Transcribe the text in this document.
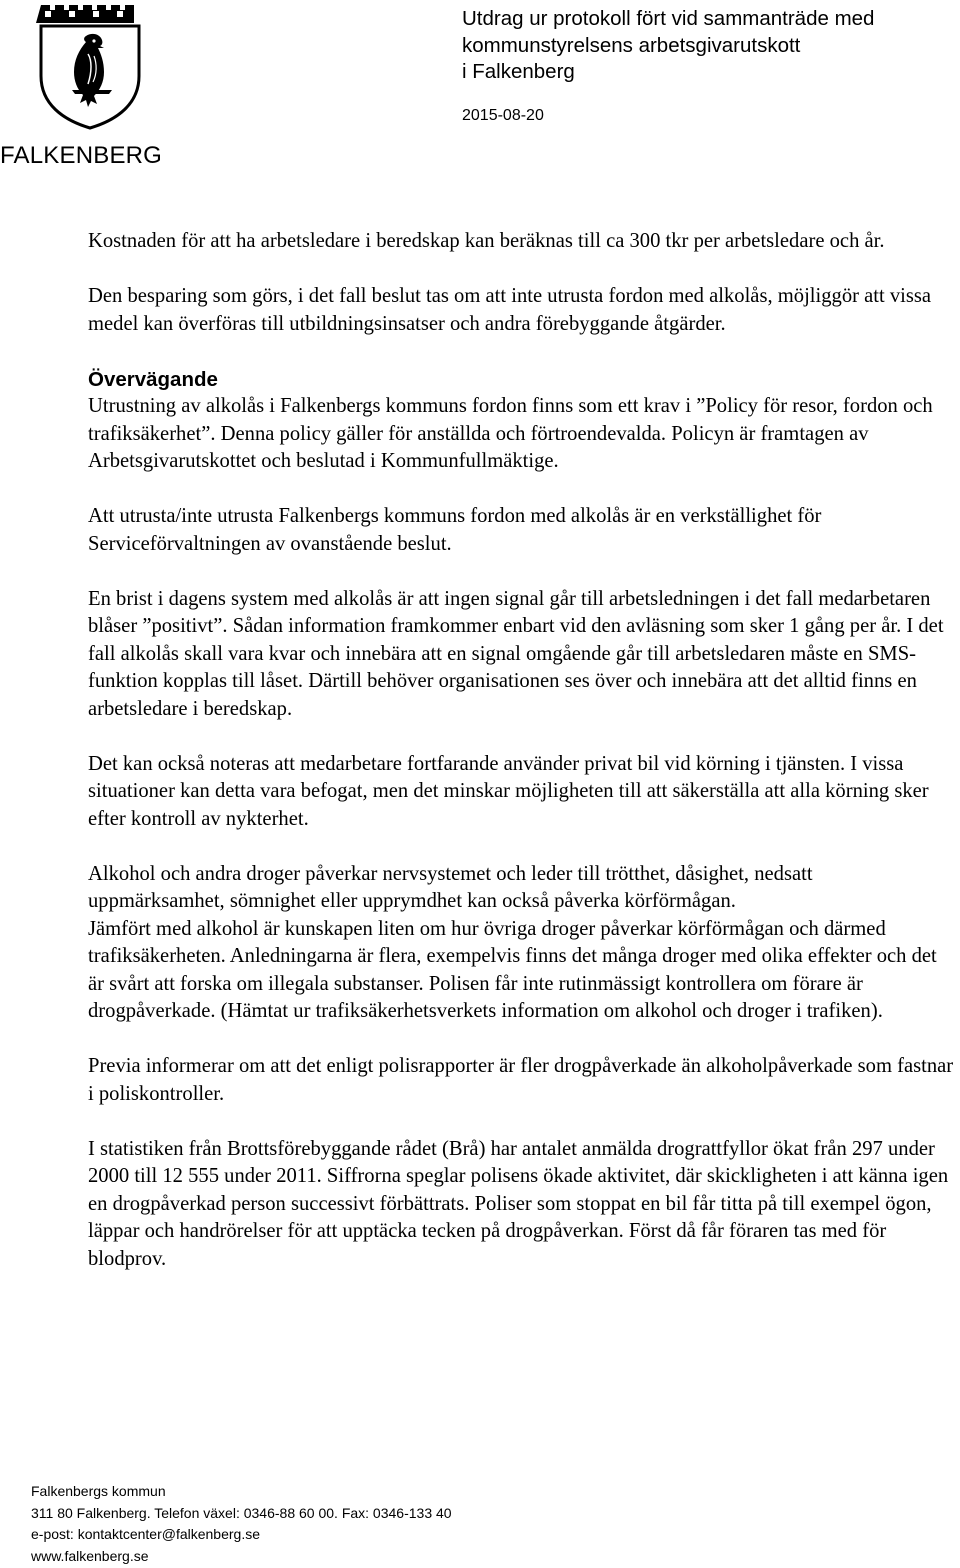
FALKENBERG
Utdrag ur protokoll fört vid sammanträde med
kommunstyrelsens arbetsgivarutskott
i Falkenberg
2015-08-20

Kostnaden för att ha arbetsledare i beredskap kan beräknas till ca 300 tkr per arbetsledare och år.

Den besparing som görs, i det fall beslut tas om att inte utrusta fordon med alkolås, möjliggör att vissa medel kan överföras till utbildningsinsatser och andra förebyggande åtgärder.

Övervägande

Utrustning av alkolås i Falkenbergs kommuns fordon finns som ett krav i ”Policy för resor, fordon och trafiksäkerhet”. Denna policy gäller för anställda och förtroendevalda. Policyn är framtagen av Arbetsgivarutskottet och beslutad i Kommunfullmäktige.

Att utrusta/inte utrusta Falkenbergs kommuns fordon med alkolås är en verkställighet för Serviceförvaltningen av ovanstående beslut.

En brist i dagens system med alkolås är att ingen signal går till arbetsledningen i det fall medarbetaren blåser ”positivt”. Sådan information framkommer enbart vid den avläsning som sker 1 gång per år. I det fall alkolås skall vara kvar och innebära att en signal omgående går till arbetsledaren måste en SMS-funktion kopplas till låset. Därtill behöver organisationen ses över och innebära att det alltid finns en arbetsledare i beredskap.

Det kan också noteras att medarbetare fortfarande använder privat bil vid körning i tjänsten. I vissa situationer kan detta vara befogat, men det minskar möjligheten till att säkerställa att alla körning sker efter kontroll av nykterhet.

Alkohol och andra droger påverkar nervsystemet och leder till trötthet, dåsighet, nedsatt uppmärksamhet, sömnighet eller upprymdhet kan också påverka körförmågan.

Jämfört med alkohol är kunskapen liten om hur övriga droger påverkar körförmågan och därmed trafiksäkerheten. Anledningarna är flera, exempelvis finns det många droger med olika effekter och det är svårt att forska om illegala substanser. Polisen får inte rutinmässigt kontrollera om förare är drogpåverkade. (Hämtat ur trafiksäkerhetsverkets information om alkohol och droger i trafiken).

Previa informerar om att det enligt polisrapporter är fler drogpåverkade än alkoholpåverkade som fastnar i poliskontroller.

I statistiken från Brottsförebyggande rådet (Brå) har antalet anmälda drograttfyllor ökat från 297 under 2000 till 12 555 under 2011. Siffrorna speglar polisens ökade aktivitet, där skickligheten i att känna igen en drogpåverkad person successivt förbättrats. Poliser som stoppat en bil får titta på till exempel ögon, läppar och handrörelser för att upptäcka tecken på drogpåverkan. Först då får föraren tas med för blodprov.

Falkenbergs kommun
311 80 Falkenberg. Telefon växel: 0346-88 60 00. Fax: 0346-133 40
e-post: kontaktcenter@falkenberg.se
www.falkenberg.se
